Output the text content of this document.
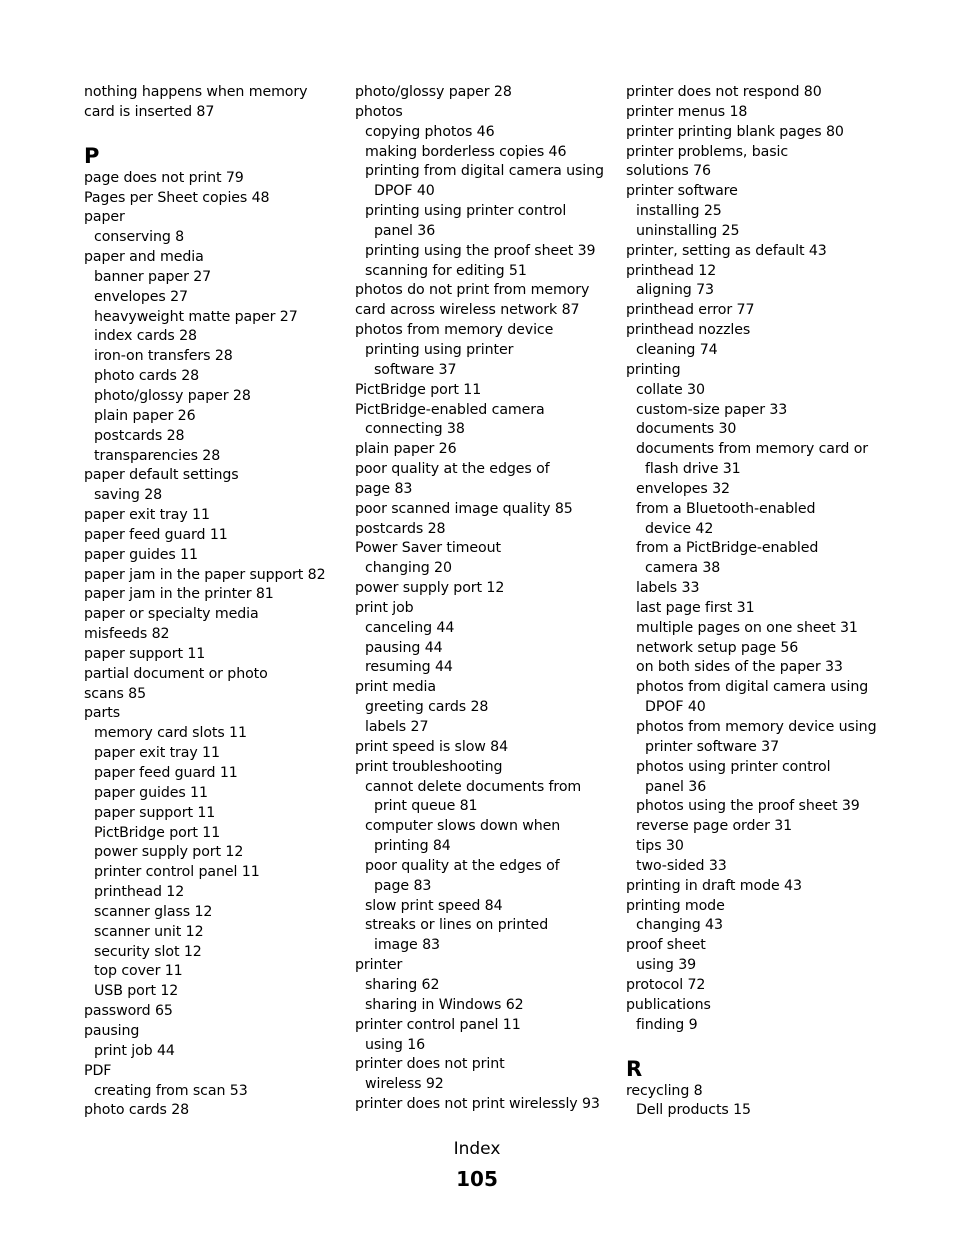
nothing happens when memory
card is inserted 87
P
page does not print 79
Pages per Sheet copies 48
paper
conserving 8
paper and media
banner paper 27
envelopes 27
heavyweight matte paper 27
index cards 28
iron-on transfers 28
photo cards 28
photo/glossy paper 28
plain paper 26
postcards 28
transparencies 28
paper default settings
saving 28
paper exit tray 11
paper feed guard 11
paper guides 11
paper jam in the paper support 82
paper jam in the printer 81
paper or specialty media
misfeeds 82
paper support 11
partial document or photo
scans 85
parts
memory card slots 11
paper exit tray 11
paper feed guard 11
paper guides 11
paper support 11
PictBridge port 11
power supply port 12
printer control panel 11
printhead 12
scanner glass 12
scanner unit 12
security slot 12
top cover 11
USB port 12
password 65
pausing
print job 44
PDF
creating from scan 53
photo cards 28
photo/glossy paper 28
photos
copying photos 46
making borderless copies 46
printing from digital camera using
DPOF 40
printing using printer control
panel 36
printing using the proof sheet 39
scanning for editing 51
photos do not print from memory
card across wireless network 87
photos from memory device
printing using printer
software 37
PictBridge port 11
PictBridge-enabled camera
connecting 38
plain paper 26
poor quality at the edges of
page 83
poor scanned image quality 85
postcards 28
Power Saver timeout
changing 20
power supply port 12
print job
canceling 44
pausing 44
resuming 44
print media
greeting cards 28
labels 27
print speed is slow 84
print troubleshooting
cannot delete documents from
print queue 81
computer slows down when
printing 84
poor quality at the edges of
page 83
slow print speed 84
streaks or lines on printed
image 83
printer
sharing 62
sharing in Windows 62
printer control panel 11
using 16
printer does not print
wireless 92
printer does not print wirelessly 93
printer does not respond 80
printer menus 18
printer printing blank pages 80
printer problems, basic
solutions 76
printer software
installing 25
uninstalling 25
printer, setting as default 43
printhead 12
aligning 73
printhead error 77
printhead nozzles
cleaning 74
printing
collate 30
custom-size paper 33
documents 30
documents from memory card or
flash drive 31
envelopes 32
from a Bluetooth-enabled
device 42
from a PictBridge-enabled
camera 38
labels 33
last page first 31
multiple pages on one sheet 31
network setup page 56
on both sides of the paper 33
photos from digital camera using
DPOF 40
photos from memory device using
printer software 37
photos using printer control
panel 36
photos using the proof sheet 39
reverse page order 31
tips 30
two-sided 33
printing in draft mode 43
printing mode
changing 43
proof sheet
using 39
protocol 72
publications
finding 9
R
recycling 8
Dell products 15
Index
105
